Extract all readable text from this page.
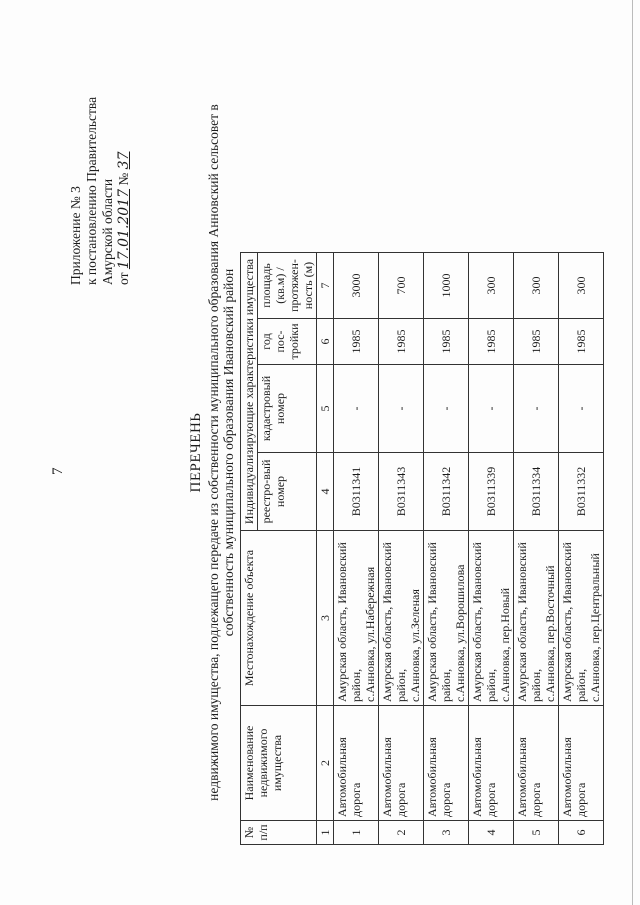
7
Приложение № 3 к постановлению Правительства Амурской области от 17.01.2017 № 37
ПЕРЕЧЕНЬ недвижимого имущества, подлежащего передаче из собственности муниципального образования Анновский сельсовет в собственность муниципального образования Ивановский район
№ п/п	Наименование недвижимого имущества	Местонахождение объекта	Индивидуализирующие характеристики имущества			
			реестро-вый номер	кадастровый номер	год пос-тройки	площадь (кв.м) / протяжен-ность (м)
1	2	3	4	5	6	7
1	Автомобильная дорога	Амурская область, Ивановский район, с.Анновка, ул.Набережная	B0311341	-	1985	3000
2	Автомобильная дорога	Амурская область, Ивановский район, с.Анновка, ул.Зеленая	B0311343	-	1985	700
3	Автомобильная дорога	Амурская область, Ивановский район, с.Анновка, ул.Ворошилова	B0311342	-	1985	1000
4	Автомобильная дорога	Амурская область, Ивановский район, с.Анновка, пер.Новый	B0311339	-	1985	300
5	Автомобильная дорога	Амурская область, Ивановский район, с.Анновка, пер.Восточный	B0311334	-	1985	300
6	Автомобильная дорога	Амурская область, Ивановский район, с.Анновка, пер.Центральный	B0311332	-	1985	300
